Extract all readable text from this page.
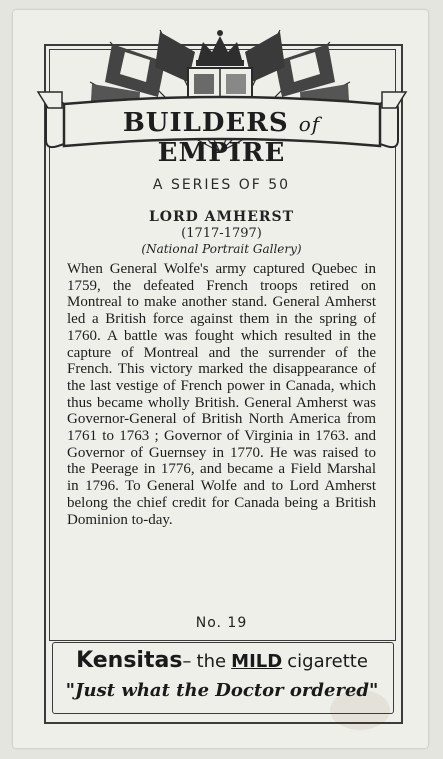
BUILDERS of EMPIRE
A SERIES OF 50
LORD AMHERST
(1717-1797)
(National Portrait Gallery)
When General Wolfe's army captured Quebec in 1759, the defeated French troops retired on Montreal to make another stand. General Amherst led a British force against them in the spring of 1760. A battle was fought which resulted in the capture of Montreal and the surrender of the French. This victory marked the disappearance of the last vestige of French power in Canada, which thus became wholly British. General Amherst was Governor-General of British North America from 1761 to 1763 ; Governor of Virginia in 1763. and Governor of Guernsey in 1770. He was raised to the Peerage in 1776, and became a Field Marshal in 1796. To General Wolfe and to Lord Amherst belong the chief credit for Canada being a British Dominion to-day.
No. 19
Kensitas– the MILD cigarette
"Just what the Doctor ordered"
